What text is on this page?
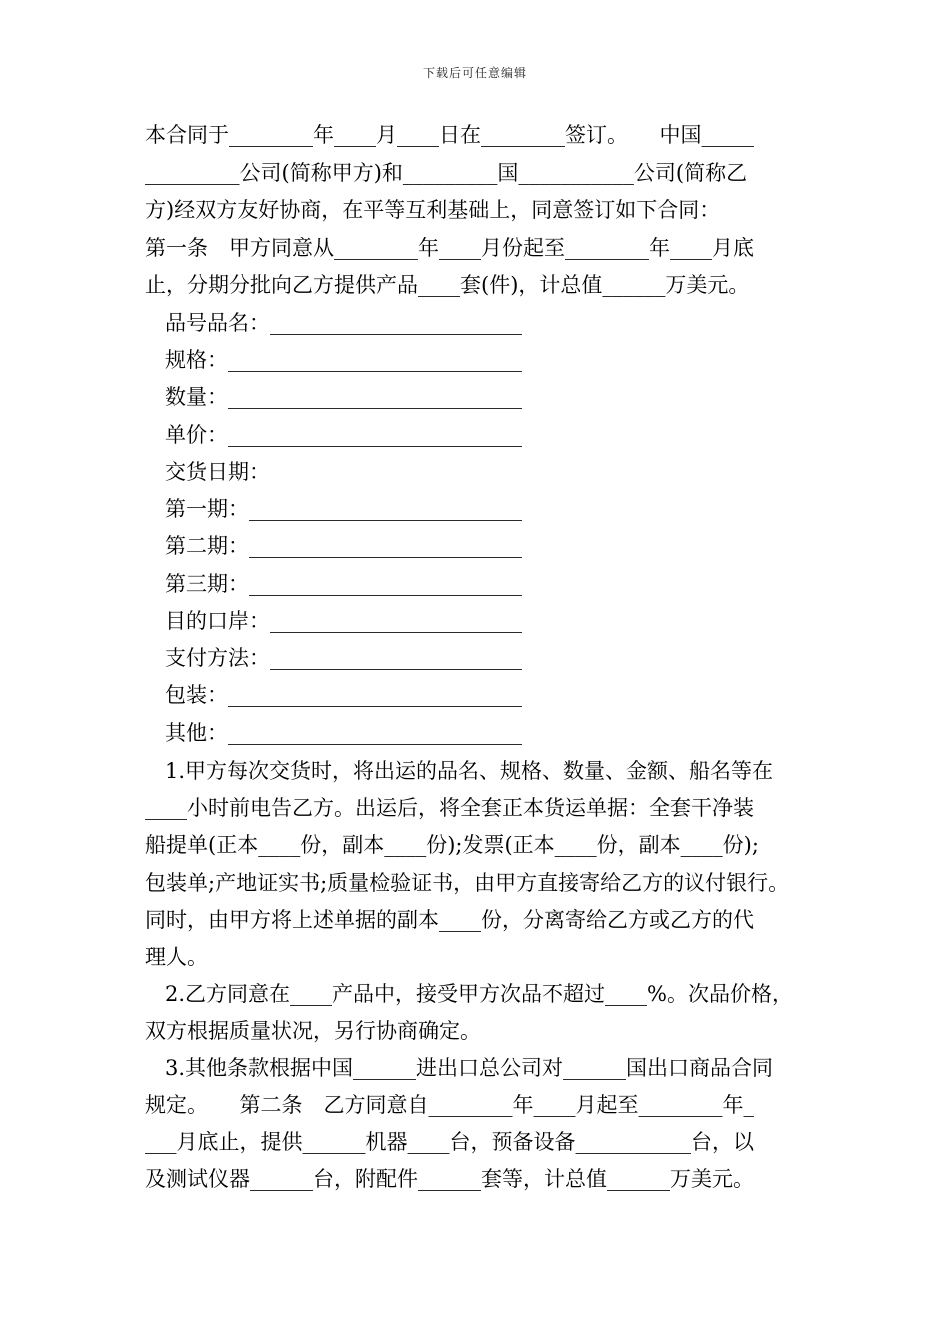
下载后可任意编辑
本合同于________年____月____日在________签订。　　中国_____
_________公司(简称甲方)和_________国___________公司(简称乙
方)经双方友好协商，在平等互利基础上，同意签订如下合同：
第一条　甲方同意从________年____月份起至________年____月底
止，分期分批向乙方提供产品____套(件)，计总值______万美元。
品号品名：________________________
规格：____________________________
数量：____________________________
单价：____________________________
交货日期：
第一期：__________________________
第二期：__________________________
第三期：__________________________
目的口岸：________________________
支付方法：________________________
包装：____________________________
其他：____________________________
1.甲方每次交货时，将出运的品名、规格、数量、金额、船名等在
____小时前电告乙方。出运后，将全套正本货运单据：全套干净装
船提单(正本____份，副本____份);发票(正本____份，副本____份);
包装单;产地证实书;质量检验证书，由甲方直接寄给乙方的议付银行。
同时，由甲方将上述单据的副本____份，分离寄给乙方或乙方的代
理人。
2.乙方同意在____产品中，接受甲方次品不超过____%。次品价格，
双方根据质量状况，另行协商确定。
3.其他条款根据中国______进出口总公司对______国出口商品合同
规定。　　第二条　乙方同意自________年____月起至________年_
___月底止，提供______机器____台，预备设备___________台，以
及测试仪器______台，附配件______套等，计总值______万美元。
